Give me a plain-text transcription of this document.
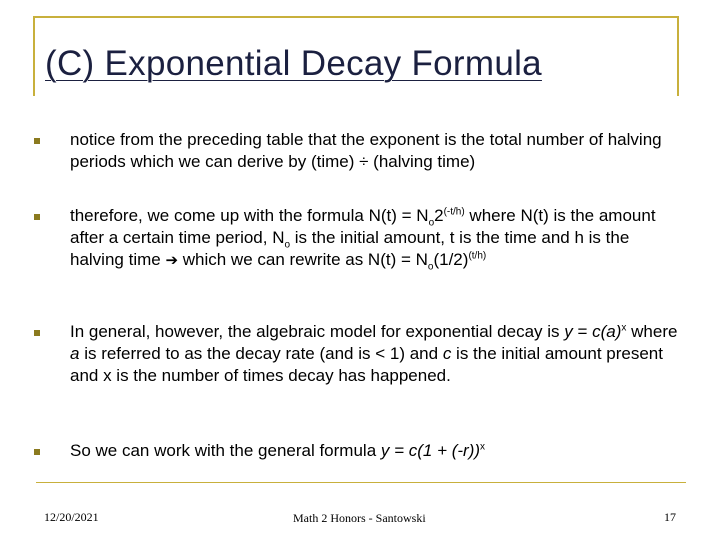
(C) Exponential Decay Formula
notice from the preceding table that the exponent is the total number of halving periods which we can derive by (time) ÷ (halving time)
therefore, we come up with the formula $N(t) = N_o2^{(-t/h)}$ where N(t) is the amount after a certain time period, $N_o$ is the initial amount, t is the time and h is the halving time ➔ which we can rewrite as $N(t) = N_o(1/2)^{(t/h)}$
In general, however, the algebraic model for exponential decay is $y = c(a)^x$ where a is referred to as the decay rate (and is < 1) and c is the initial amount present and x is the number of times decay has happened.
So we can work with the general formula $y = c(1 + (-r))^x$
12/20/2021	Math 2 Honors - Santowski	17
